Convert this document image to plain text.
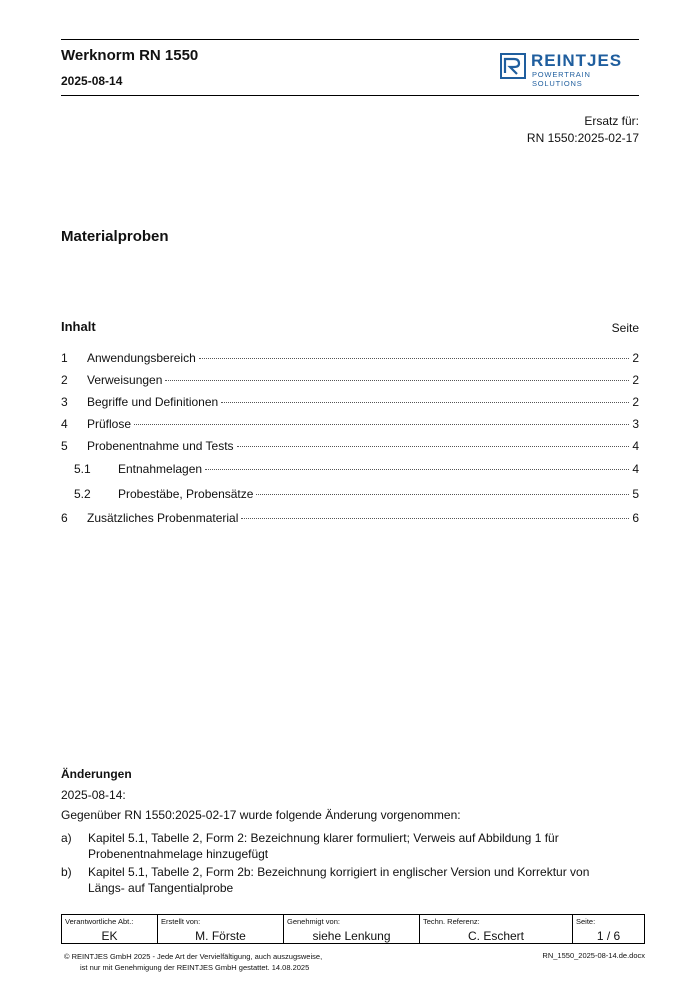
Werknorm RN 1550
2025-08-14
REINTJES
POWERTRAIN SOLUTIONS
Ersatz für:
RN 1550:2025-02-17
Materialproben
Inhalt	Seite
1	Anwendungsbereich	2
2	Verweisungen	2
3	Begriffe und Definitionen	2
4	Prüflose	3
5	Probenentnahme und Tests	4
5.1	Entnahmelagen	4
5.2	Probestäbe, Probensätze	5
6	Zusätzliches Probenmaterial	6
Änderungen

2025-08-14:

Gegenüber RN 1550:2025-02-17 wurde folgende Änderung vorgenommen:

a)	Kapitel 5.1, Tabelle 2, Form 2: Bezeichnung klarer formuliert; Verweis auf Abbildung 1 für Probenentnahmelage hinzugefügt
b)	Kapitel 5.1, Tabelle 2, Form 2b: Bezeichnung korrigiert in englischer Version und Korrektur von Längs- auf Tangentialprobe
Verantwortliche Abt.:
EK
Erstellt von:
M. Förste
Genehmigt von:
siehe Lenkung
Techn. Referenz:
C. Eschert
Seite:
1 / 6
© REINTJES GmbH 2025 - Jede Art der Vervielfältigung, auch auszugsweise,
ist nur mit Genehmigung der REINTJES GmbH gestattet. 14.08.2025
RN_1550_2025-08-14.de.docx
